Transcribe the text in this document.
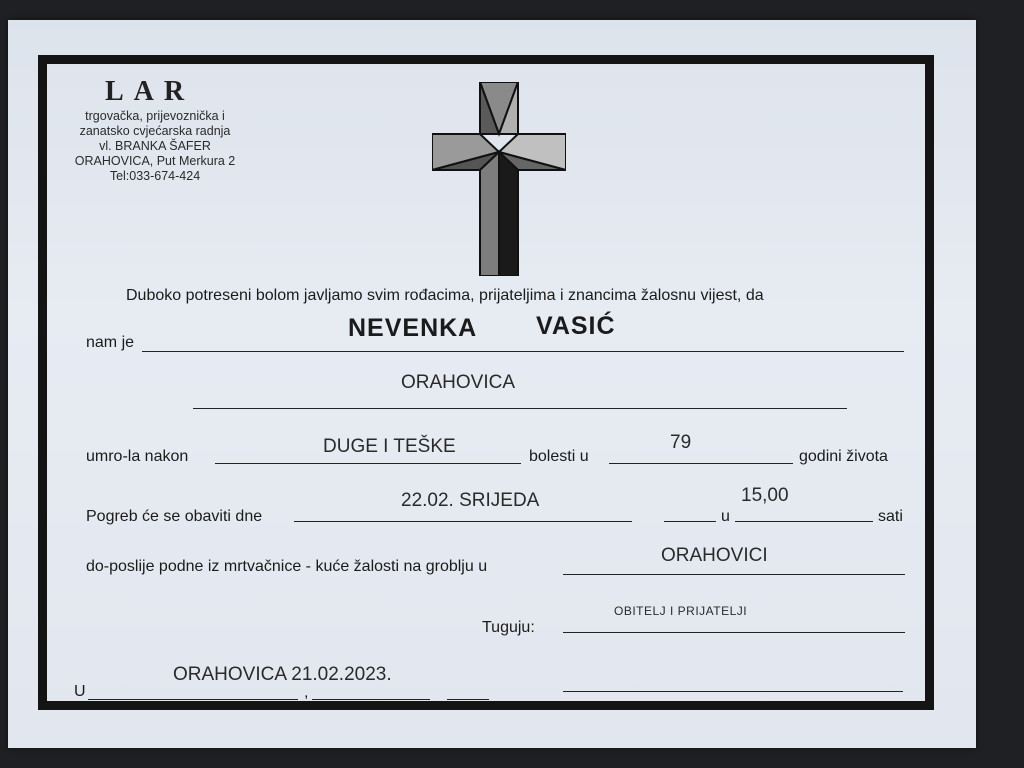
LAR
trgovačka, prijevoznička i
zanatsko cvjećarska radnja
vl. BRANKA ŠAFER
ORAHOVICA, Put Merkura 2
Tel:033-674-424
Duboko potreseni bolom javljamo svim rođacima, prijateljima i znancima žalosnu vijest, da
nam je
NEVENKA VASIĆ
ORAHOVICA
umro-la nakon	DUGE I TEŠKE	bolesti u
79
godini života
Pogreb će se obaviti dne
22.02. SRIJEDA
u
15,00
sati
do-poslije podne iz mrtvačnice - kuće žalosti na groblju u
ORAHOVICI
OBITELJ I PRIJATELJI
Tuguju:
U
ORAHOVICA 21.02.2023.
,
